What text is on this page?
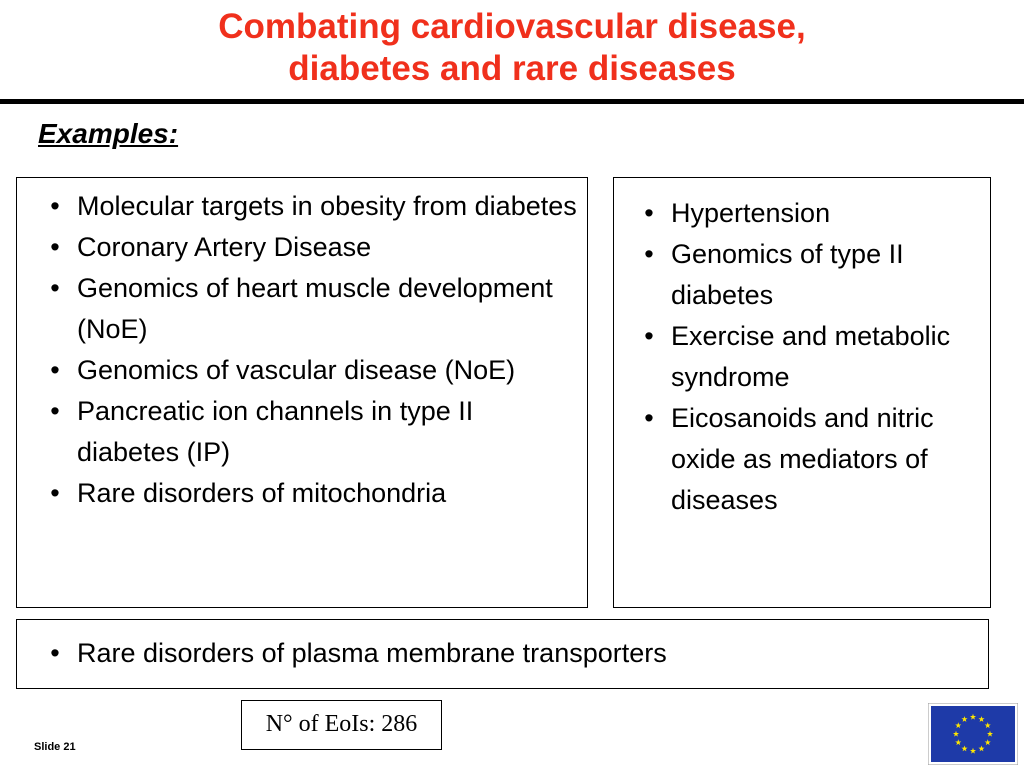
Combating cardiovascular disease,
diabetes and rare diseases
Examples:
• Molecular targets in obesity from diabetes
• Coronary Artery Disease
• Genomics of heart muscle development (NoE)
• Genomics of vascular disease (NoE)
• Pancreatic ion channels in type II diabetes (IP)
• Rare disorders of mitochondria
• Hypertension
• Genomics of type II diabetes
• Exercise and metabolic syndrome
• Eicosanoids and nitric oxide as mediators of diseases
• Rare disorders of plasma membrane transporters
N° of EoIs: 286
Slide 21
